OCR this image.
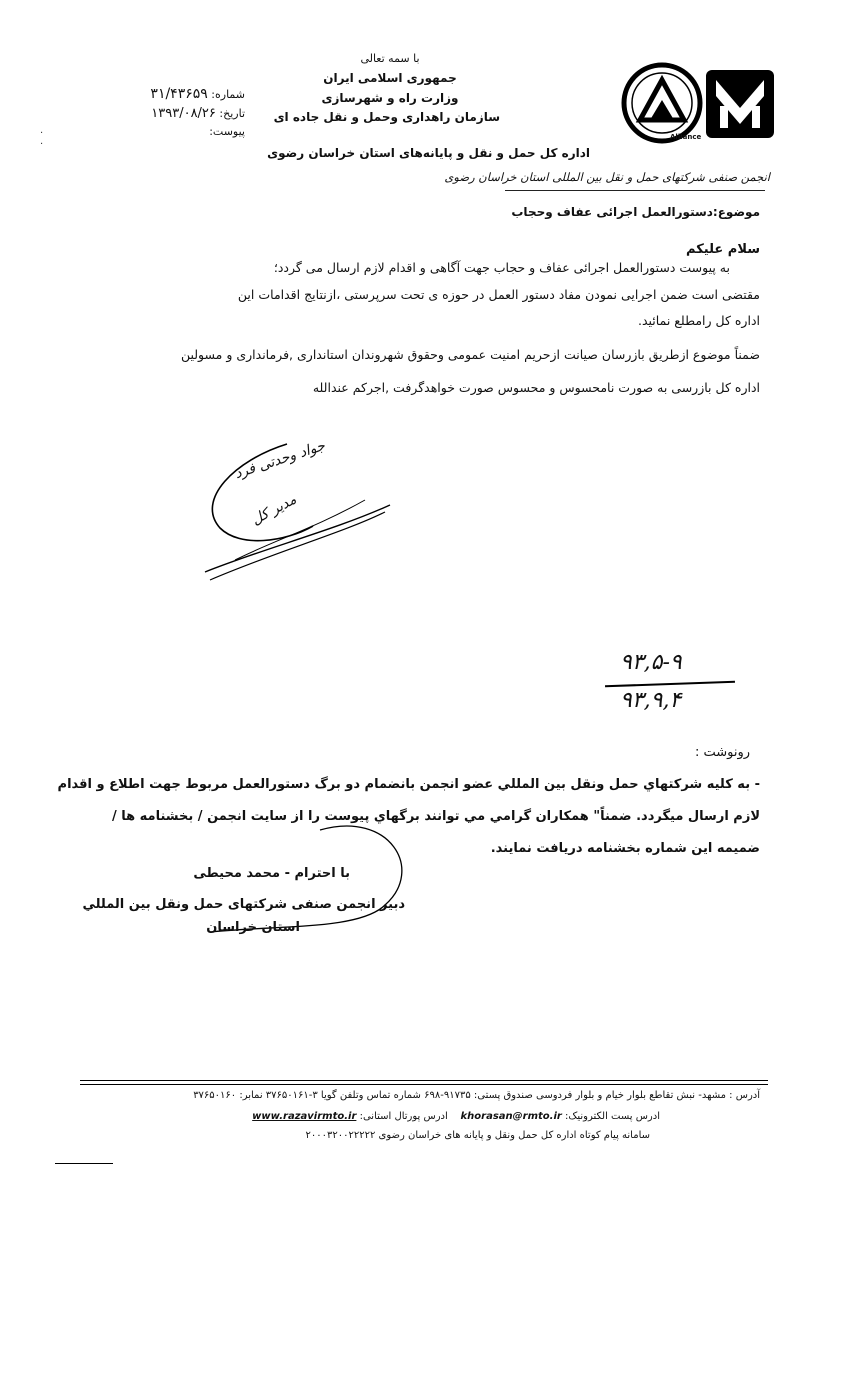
Alliance
با سمه تعالی
جمهوری اسلامی ایران
وزارت راه و شهرسازی
سازمان راهداری وحمل و نقل جاده ای
اداره کل حمل و نقل و پایانه‌های استان خراسان رضوی
شماره: ۳۱/۴۳۶۵۹
تاریخ: ۱۳۹۳/۰۸/۲۶
پیوست:
·
·
انجمن صنفی شرکتهای حمل و نقل بین المللی استان خراسان رضوی
موضوع:دستورالعمل اجرائی عفاف وحجاب
سلام علیکم
به پیوست دستورالعمل اجرائی عفاف و حجاب جهت آگاهی و اقدام لازم ارسال می گردد؛
مقتضی است ضمن اجرایی نمودن مفاد دستور العمل در حوزه ی تحت سرپرستی ،ازنتایج اقدامات این
اداره کل رامطلع نمائید.
ضمناً موضوع ازطریق بازرسان صیانت ازحریم امنیت عمومی وحقوق شهروندان استانداری ,فرمانداری و مسولین
اداره کل بازرسی به صورت نامحسوس و محسوس صورت خواهدگرفت ,اجرکم عندالله
جواد وحدتی فرد
مدیر کل
۹۳,۵-۹
۹۳,۹,۴
رونوشت :
- به کلیه شرکتهاي حمل ونقل بین المللي عضو انجمن بانضمام دو برگ دستورالعمل مربوط جهت اطلاع و اقدام
لازم ارسال میگردد. ضمناً" همکاران گرامي مي توانند برگهاي پیوست را از سایت انجمن / بخشنامه ها /
ضمیمه این شماره بخشنامه دریافت نمایند.
با احترام - محمد محیطی
دبیر انجمن صنفی شرکتهای حمل ونقل بین المللي
استان خراسان
آدرس : مشهد- نبش تقاطع بلوار خیام و بلوار فردوسی صندوق پستی: ۹۱۷۳۵-۶۹۸ شماره تماس وتلفن گویا ۳-۳۷۶۵۰۱۶۱ نمابر: ۳۷۶۵۰۱۶۰
ادرس پست الکترونیک: khorasan@rmto.ir    ادرس پورتال استانی: www.razavirmto.ir
سامانه پیام کوتاه اداره کل حمل ونقل و پایانه های خراسان رضوی ۲۰۰۰۳۲۰۰۲۲۲۲۲
